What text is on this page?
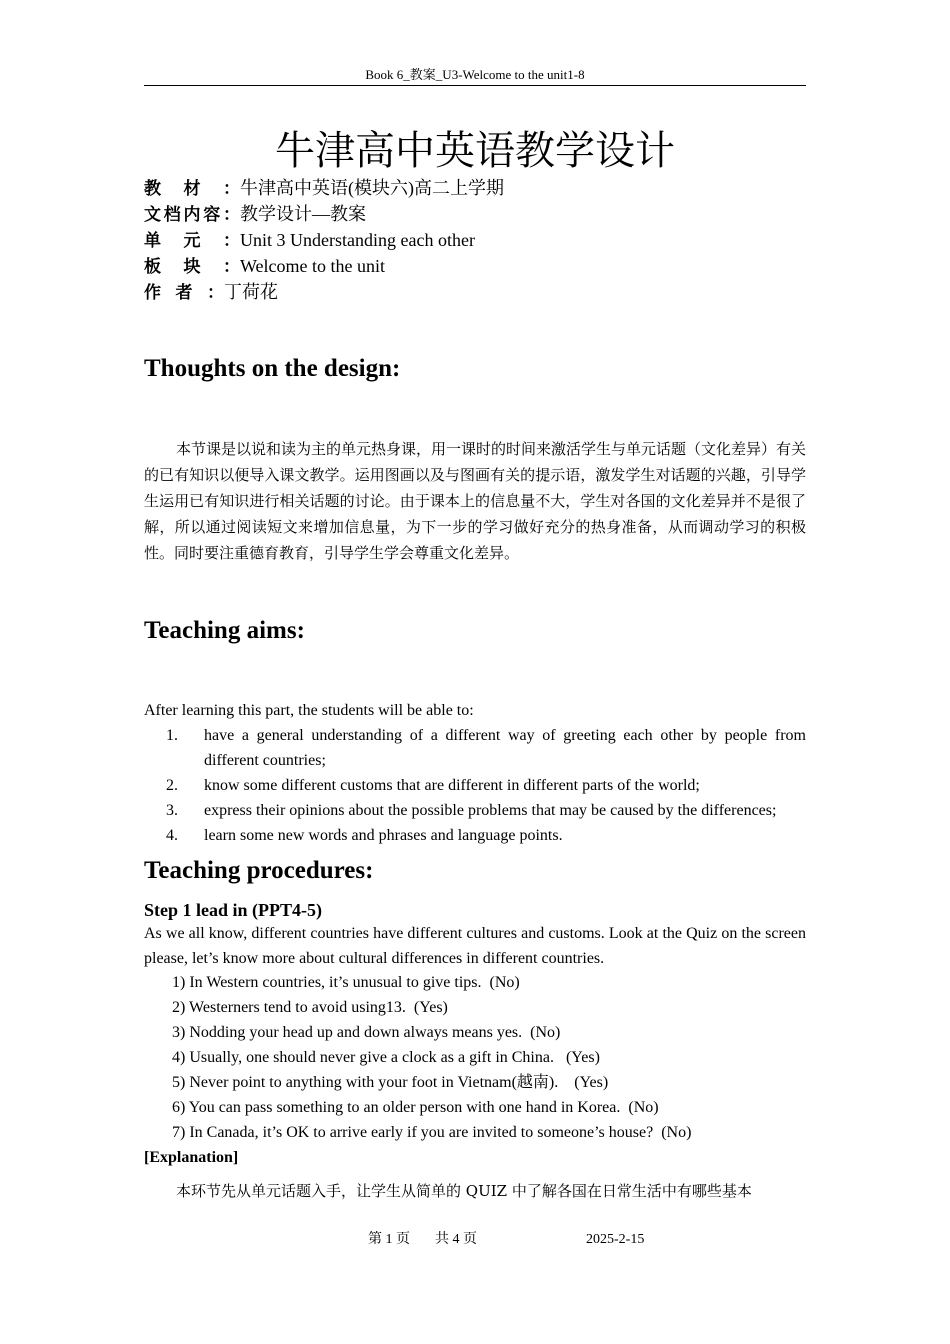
Book 6_教案_U3-Welcome to the unit1-8
牛津高中英语教学设计
教材：牛津高中英语(模块六)高二上学期
文档内容：教学设计—教案
单元：Unit 3 Understanding each other
板块：Welcome to the unit
作者：丁荷花
Thoughts on the design:
本节课是以说和读为主的单元热身课，用一课时的时间来激活学生与单元话题（文化差异）有关的已有知识以便导入课文教学。运用图画以及与图画有关的提示语，激发学生对话题的兴趣，引导学生运用已有知识进行相关话题的讨论。由于课本上的信息量不大，学生对各国的文化差异并不是很了解，所以通过阅读短文来增加信息量，为下一步的学习做好充分的热身准备，从而调动学习的积极性。同时要注重德育教育，引导学生学会尊重文化差异。
Teaching aims:
After learning this part, the students will be able to:
1.	have a general understanding of a different way of greeting each other by people from different countries;
2.	know some different customs that are different in different parts of the world;
3.	express their opinions about the possible problems that may be caused by the differences;
4.	learn some new words and phrases and language points.
Teaching procedures:
Step 1 lead in (PPT4-5)
As we all know, different countries have different cultures and customs. Look at the Quiz on the screen please, let’s know more about cultural differences in different countries.
1) In Western countries, it’s unusual to give tips.  (No)
2) Westerners tend to avoid using13.  (Yes)
3) Nodding your head up and down always means yes.  (No)
4) Usually, one should never give a clock as a gift in China.   (Yes)
5) Never point to anything with your foot in Vietnam(越南).    (Yes)
6) You can pass something to an older person with one hand in Korea.  (No)
7) In Canada, it’s OK to arrive early if you are invited to someone’s house?  (No)
[Explanation]
本环节先从单元话题入手，让学生从简单的 QUIZ 中了解各国在日常生活中有哪些基本
第 1 页 共 4 页	2025-2-15
